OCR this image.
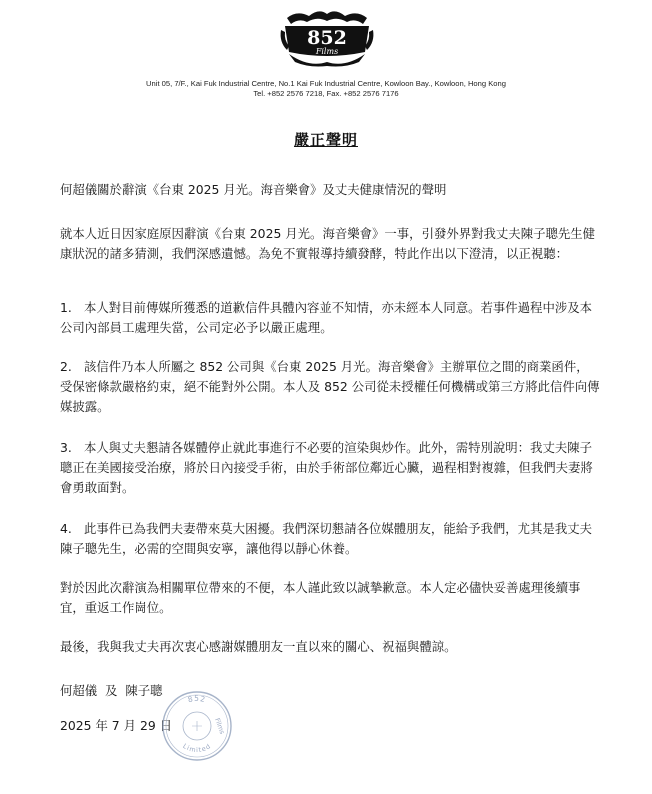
852
Films
Unit 05, 7/F., Kai Fuk Industrial Centre, No.1 Kai Fuk Industrial Centre, Kowloon Bay., Kowloon, Hong Kong
Tel. +852 2576 7218, Fax. +852 2576 7176
嚴正聲明
何超儀關於辭演《台東 2025 月光。海音樂會》及丈夫健康情況的聲明
就本人近日因家庭原因辭演《台東 2025 月光。海音樂會》一事，引發外界對我丈夫陳子聰先生健康狀況的諸多猜測，我們深感遺憾。為免不實報導持續發酵，特此作出以下澄清，以正視聽：
1. 本人對目前傳媒所獲悉的道歉信件具體內容並不知情，亦未經本人同意。若事件過程中涉及本公司內部員工處理失當，公司定必予以嚴正處理。
2. 該信件乃本人所屬之 852 公司與《台東 2025 月光。海音樂會》主辦單位之間的商業函件，受保密條款嚴格約束，絕不能對外公開。本人及 852 公司從未授權任何機構或第三方將此信件向傳媒披露。
3. 本人與丈夫懇請各媒體停止就此事進行不必要的渲染與炒作。此外，需特別說明：我丈夫陳子聰正在美國接受治療，將於日內接受手術，由於手術部位鄰近心臟，過程相對複雜，但我們夫妻將會勇敢面對。
4. 此事件已為我們夫妻帶來莫大困擾。我們深切懇請各位媒體朋友，能給予我們，尤其是我丈夫陳子聰先生，必需的空間與安寧，讓他得以靜心休養。
對於因此次辭演為相關單位帶來的不便，本人謹此致以誠摯歉意。本人定必儘快妥善處理後續事宜，重返工作崗位。
最後，我與我丈夫再次衷心感謝媒體朋友一直以來的關心、祝福與體諒。
何超儀  及  陳子聰
2025 年 7 月 29 日
852
Films
Limited
